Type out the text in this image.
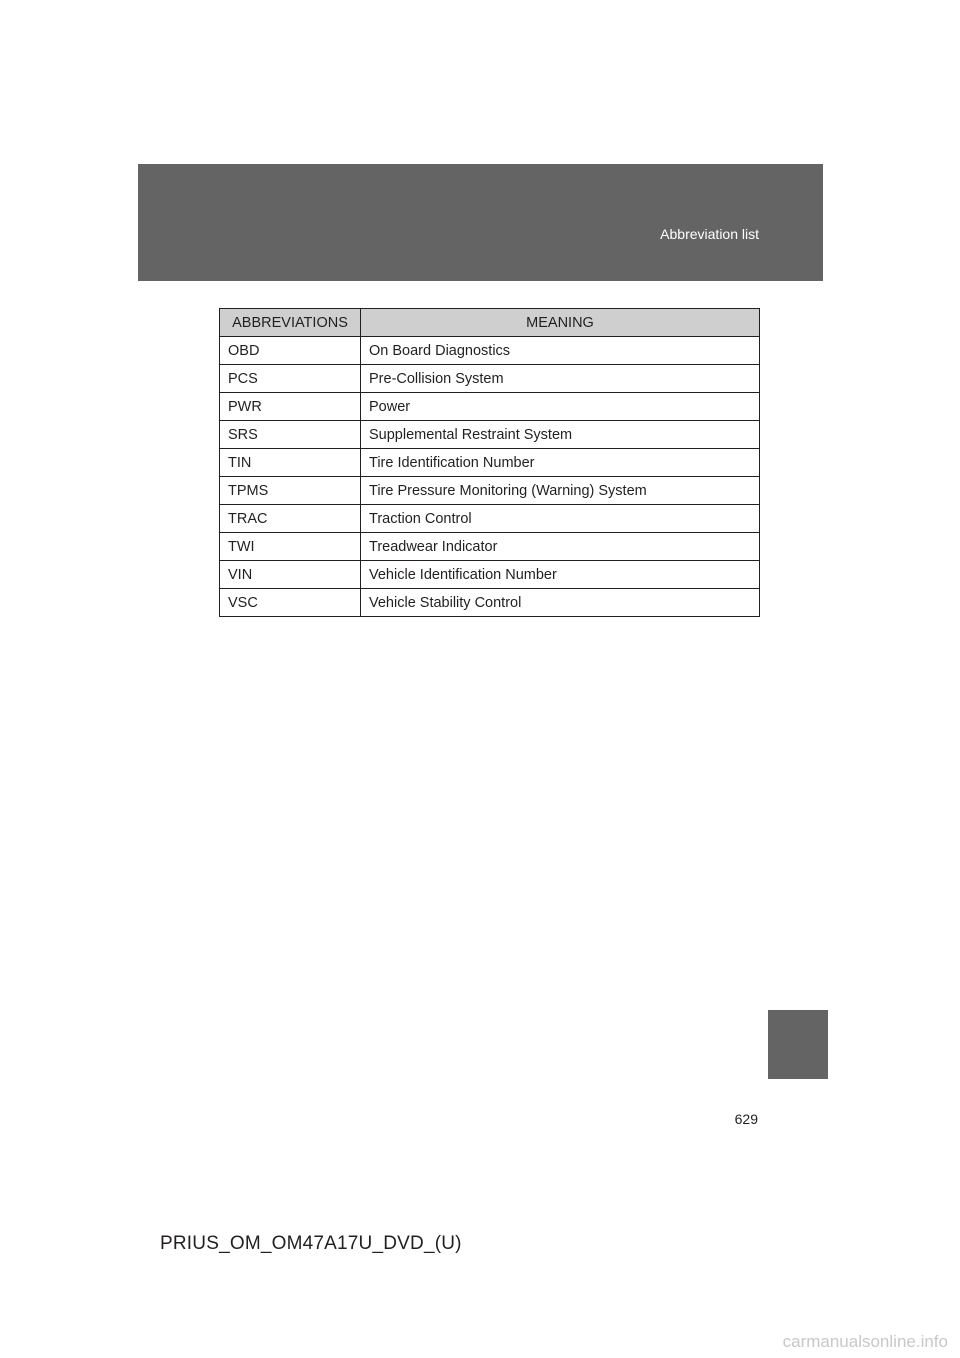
Abbreviation list
ABBREVIATIONS	MEANING
OBD	On Board Diagnostics
PCS	Pre-Collision System
PWR	Power
SRS	Supplemental Restraint System
TIN	Tire Identification Number
TPMS	Tire Pressure Monitoring (Warning) System
TRAC	Traction Control
TWI	Treadwear Indicator
VIN	Vehicle Identification Number
VSC	Vehicle Stability Control
629
PRIUS_OM_OM47A17U_DVD_(U)
carmanualsonline.info
